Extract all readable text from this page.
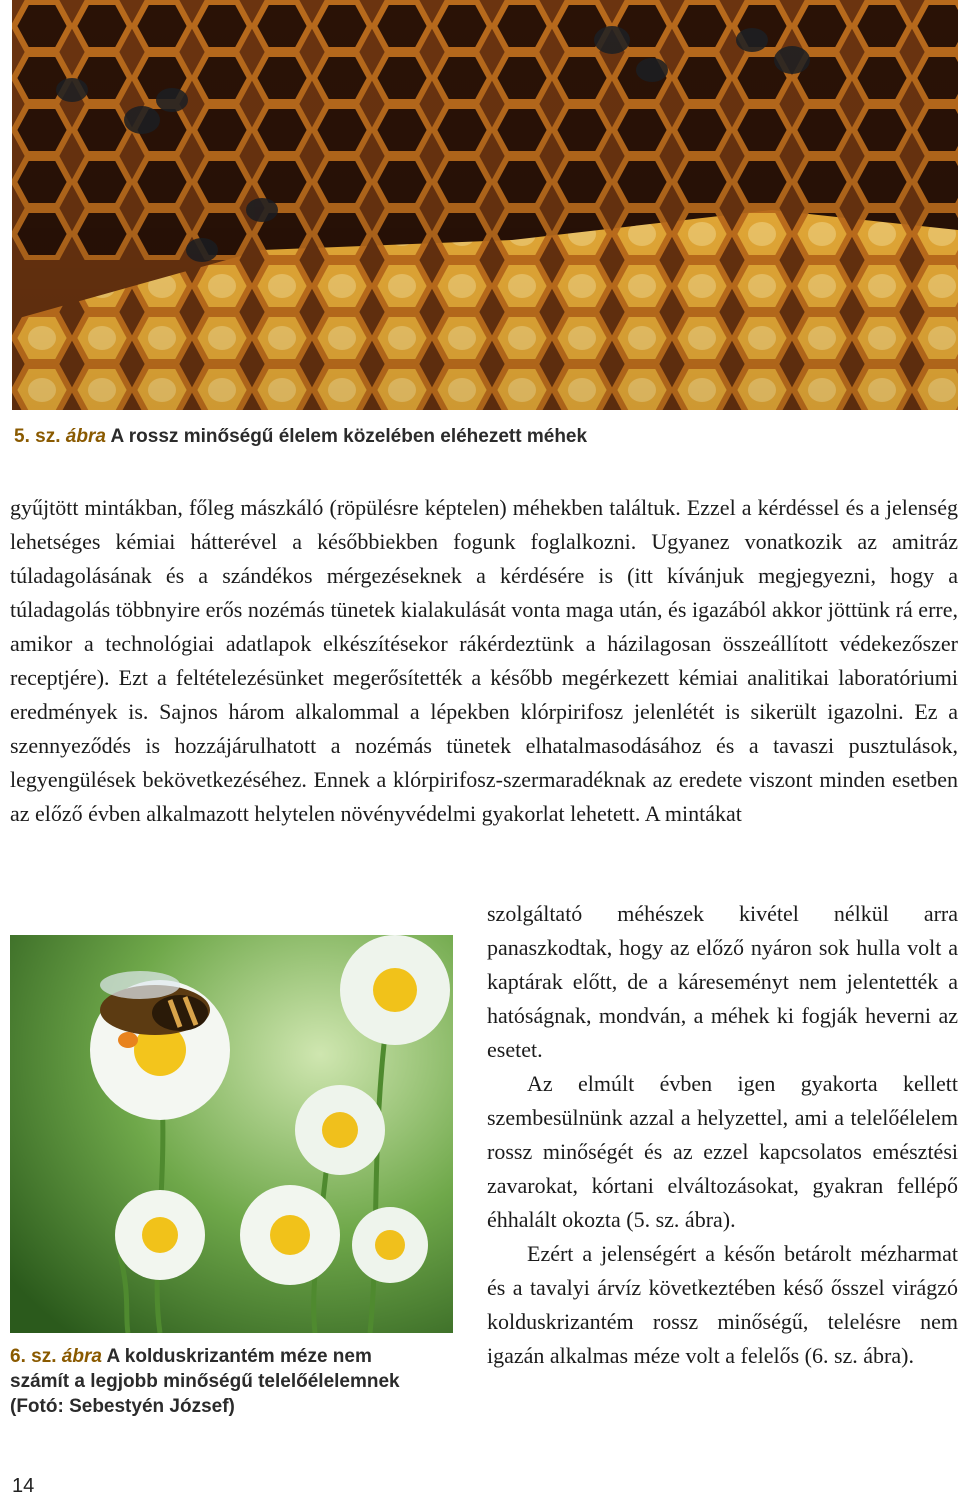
5. sz. ábra A rossz minőségű élelem közelében eléhezett méhek

gyűjtött mintákban, főleg mászkáló (röpülésre képtelen) méhekben találtuk. Ezzel a kérdéssel és a jelenség lehetséges kémiai hátterével a későbbiekben fogunk foglalkozni. Ugyanez vonatkozik az amitráz túladagolásának és a szándékos mérgezéseknek a kérdésére is (itt kívánjuk megjegyezni, hogy a túladagolás többnyire erős nozémás tünetek kialakulását vonta maga után, és igazából akkor jöttünk rá erre, amikor a technológiai adatlapok elkészítésekor rákérdeztünk a házilagosan összeállított védekezőszer receptjére). Ezt a feltételezésünket megerősítették a később megérkezett kémiai analitikai laboratóriumi eredmények is. Sajnos három alkalommal a lépekben klórpirifosz jelenlétét is sikerült igazolni. Ez a szennyeződés is hozzájárulhatott a nozémás tünetek elhatalmasodásához és a tavaszi pusztulások, legyengülések bekövetkezéséhez. Ennek a klórpirifosz-szermaradéknak az eredete viszont minden esetben az előző évben alkalmazott helytelen növényvédelmi gyakorlat lehetett. A mintákat

6. sz. ábra A kolduskrizantém méze nem
számít a legjobb minőségű telelőélelemnek
(Fotó: Sebestyén József)

szolgáltató méhészek kivétel nélkül arra panaszkodtak, hogy az előző nyáron sok hulla volt a kaptárak előtt, de a káreseményt nem jelentették a hatóságnak, mondván, a méhek ki fogják heverni az esetet.

Az elmúlt évben igen gyakorta kellett szembesülnünk azzal a helyzettel, ami a telelőélelem rossz minőségét és az ezzel kapcsolatos emésztési zavarokat, kórtani elváltozásokat, gyakran fellépő éhhalált okozta (5. sz. ábra).

Ezért a jelenségért a későn betárolt mézharmat és a tavalyi árvíz következtében késő ősszel virágzó kolduskrizantém rossz minőségű, telelésre nem igazán alkalmas méze volt a felelős (6. sz. ábra).

14
